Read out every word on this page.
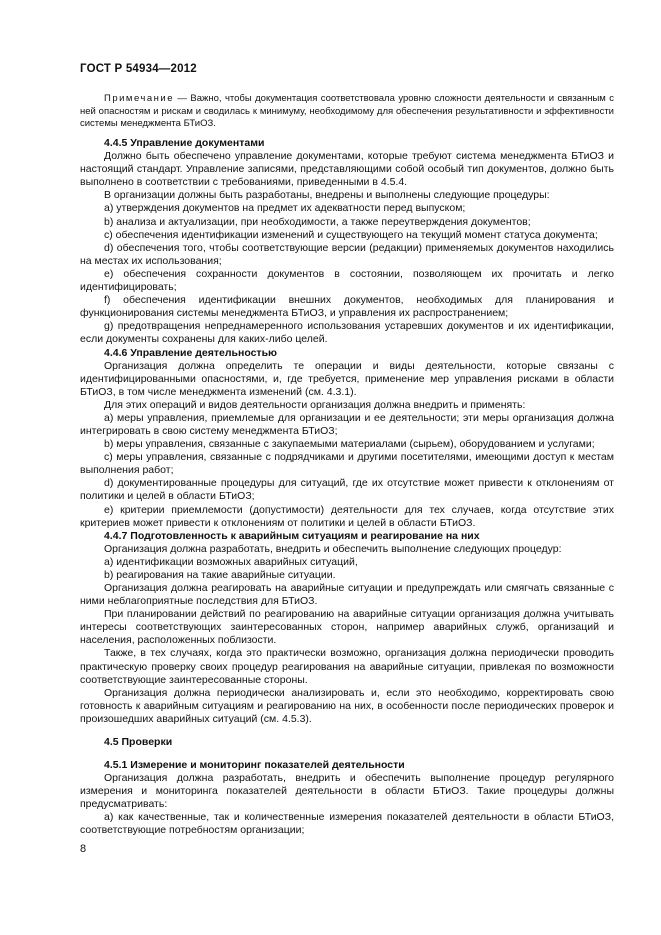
ГОСТ Р 54934—2012

Примечание — Важно, чтобы документация соответствовала уровню сложности деятельности и связанным с ней опасностям и рискам и сводилась к минимуму, необходимому для обеспечения результативности и эффективности системы менеджмента БТиОЗ.

4.4.5 Управление документами

Должно быть обеспечено управление документами, которые требуют система менеджмента БТиОЗ и настоящий стандарт. Управление записями, представляющими собой особый тип документов, должно быть выполнено в соответствии с требованиями, приведенными в 4.5.4.

В организации должны быть разработаны, внедрены и выполнены следующие процедуры:

a) утверждения документов на предмет их адекватности перед выпуском;

b) анализа и актуализации, при необходимости, а также переутверждения документов;

c) обеспечения идентификации изменений и существующего на текущий момент статуса документа;

d) обеспечения того, чтобы соответствующие версии (редакции) применяемых документов находились на местах их использования;

e) обеспечения сохранности документов в состоянии, позволяющем их прочитать и легко идентифицировать;

f) обеспечения идентификации внешних документов, необходимых для планирования и функционирования системы менеджмента БТиОЗ, и управления их распространением;

g) предотвращения непреднамеренного использования устаревших документов и их идентификации, если документы сохранены для каких-либо целей.

4.4.6 Управление деятельностью

Организация должна определить те операции и виды деятельности, которые связаны с идентифицированными опасностями, и, где требуется, применение мер управления рисками в области БТиОЗ, в том числе менеджмента изменений (см. 4.3.1).

Для этих операций и видов деятельности организация должна внедрить и применять:

a) меры управления, приемлемые для организации и ее деятельности; эти меры организация должна интегрировать в свою систему менеджмента БТиОЗ;

b) меры управления, связанные с закупаемыми материалами (сырьем), оборудованием и услугами;

c) меры управления, связанные с подрядчиками и другими посетителями, имеющими доступ к местам выполнения работ;

d) документированные процедуры для ситуаций, где их отсутствие может привести к отклонениям от политики и целей в области БТиОЗ;

e) критерии приемлемости (допустимости) деятельности для тех случаев, когда отсутствие этих критериев может привести к отклонениям от политики и целей в области БТиОЗ.

4.4.7 Подготовленность к аварийным ситуациям и реагирование на них

Организация должна разработать, внедрить и обеспечить выполнение следующих процедур:

a) идентификации возможных аварийных ситуаций,

b) реагирования на такие аварийные ситуации.

Организация должна реагировать на аварийные ситуации и предупреждать или смягчать связанные с ними неблагоприятные последствия для БТиОЗ.

При планировании действий по реагированию на аварийные ситуации организация должна учитывать интересы соответствующих заинтересованных сторон, например аварийных служб, организаций и населения, расположенных поблизости.

Также, в тех случаях, когда это практически возможно, организация должна периодически проводить практическую проверку своих процедур реагирования на аварийные ситуации, привлекая по возможности соответствующие заинтересованные стороны.

Организация должна периодически анализировать и, если это необходимо, корректировать свою готовность к аварийным ситуациям и реагированию на них, в особенности после периодических проверок и произошедших аварийных ситуаций (см. 4.5.3).

4.5 Проверки

4.5.1 Измерение и мониторинг показателей деятельности

Организация должна разработать, внедрить и обеспечить выполнение процедур регулярного измерения и мониторинга показателей деятельности в области БТиОЗ. Такие процедуры должны предусматривать:

a) как качественные, так и количественные измерения показателей деятельности в области БТиОЗ, соответствующие потребностям организации;

8
